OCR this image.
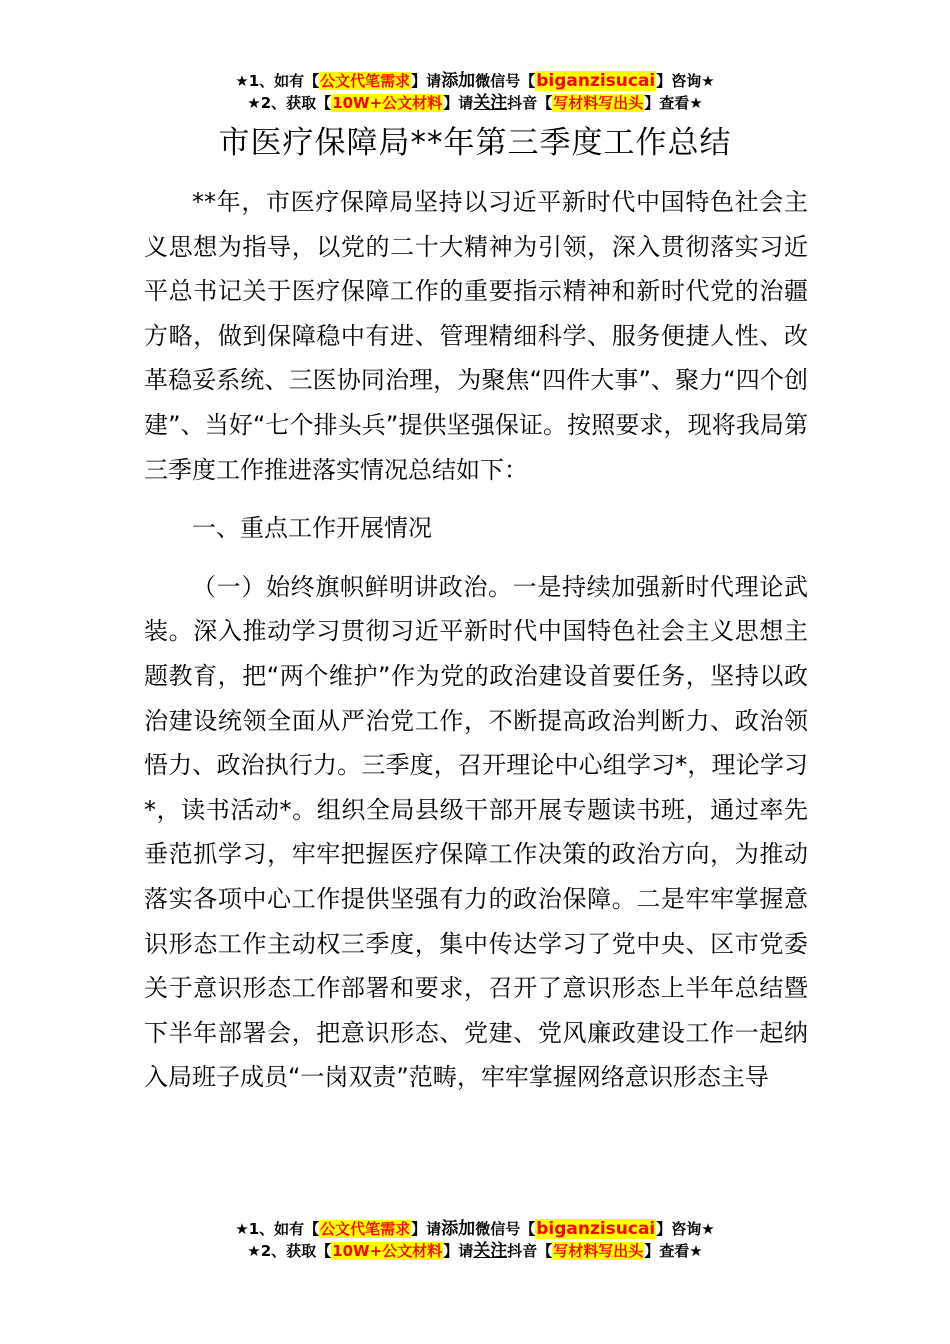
★1、如有【公文代笔需求】请添加微信号【biganzisucai】咨询★
★2、获取【10W+公文材料】请关注抖音【写材料写出头】查看★
市医疗保障局**年第三季度工作总结

**年，市医疗保障局坚持以习近平新时代中国特色社会主义思想为指导，以党的二十大精神为引领，深入贯彻落实习近平总书记关于医疗保障工作的重要指示精神和新时代党的治疆方略，做到保障稳中有进、管理精细科学、服务便捷人性、改革稳妥系统、三医协同治理，为聚焦“四件大事”、聚力“四个创建”、当好“七个排头兵”提供坚强保证。按照要求，现将我局第三季度工作推进落实情况总结如下：

一、重点工作开展情况

（一）始终旗帜鲜明讲政治。一是持续加强新时代理论武装。深入推动学习贯彻习近平新时代中国特色社会主义思想主题教育，把“两个维护”作为党的政治建设首要任务，坚持以政治建设统领全面从严治党工作，不断提高政治判断力、政治领悟力、政治执行力。三季度，召开理论中心组学习*，理论学习*，读书活动*。组织全局县级干部开展专题读书班，通过率先垂范抓学习，牢牢把握医疗保障工作决策的政治方向，为推动落实各项中心工作提供坚强有力的政治保障。二是牢牢掌握意识形态工作主动权三季度，集中传达学习了党中央、区市党委关于意识形态工作部署和要求，召开了意识形态上半年总结暨下半年部署会，把意识形态、党建、党风廉政建设工作一起纳入局班子成员“一岗双责”范畴，牢牢掌握网络意识形态主导

★1、如有【公文代笔需求】请添加微信号【biganzisucai】咨询★
★2、获取【10W+公文材料】请关注抖音【写材料写出头】查看★
